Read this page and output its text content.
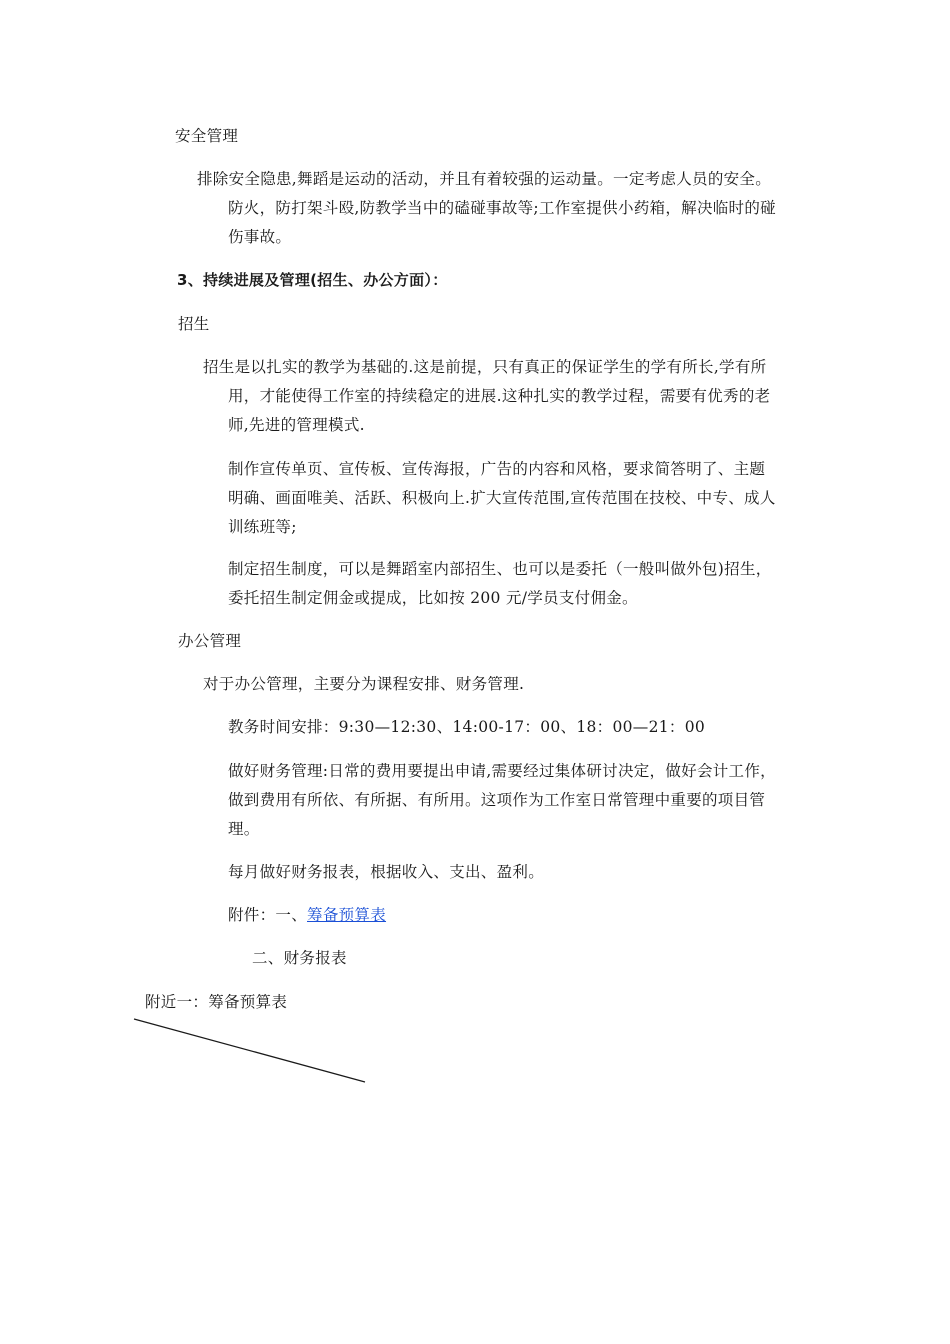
安全管理
排除安全隐患,舞蹈是运动的活动，并且有着较强的运动量。一定考虑人员的安全。
防火，防打架斗殴,防教学当中的磕碰事故等;工作室提供小药箱，解决临时的碰
伤事故。
3、持续进展及管理(招生、办公方面）：
招生
招生是以扎实的教学为基础的.这是前提，只有真正的保证学生的学有所长,学有所
用，才能使得工作室的持续稳定的进展.这种扎实的教学过程，需要有优秀的老
师,先进的管理模式.
制作宣传单页、宣传板、宣传海报，广告的内容和风格，要求简答明了、主题
明确、画面唯美、活跃、积极向上.扩大宣传范围,宣传范围在技校、中专、成人
训练班等;
制定招生制度，可以是舞蹈室内部招生、也可以是委托（一般叫做外包)招生，
委托招生制定佣金或提成，比如按 200 元/学员支付佣金。
办公管理
对于办公管理，主要分为课程安排、财务管理.
教务时间安排：9:30—12:30、14:00-17：00、18：00—21：00
做好财务管理:日常的费用要提出申请,需要经过集体研讨决定，做好会计工作，
做到费用有所依、有所据、有所用。这项作为工作室日常管理中重要的项目管
理。
每月做好财务报表，根据收入、支出、盈利。
附件：一、筹备预算表
二、财务报表
附近一：筹备预算表
